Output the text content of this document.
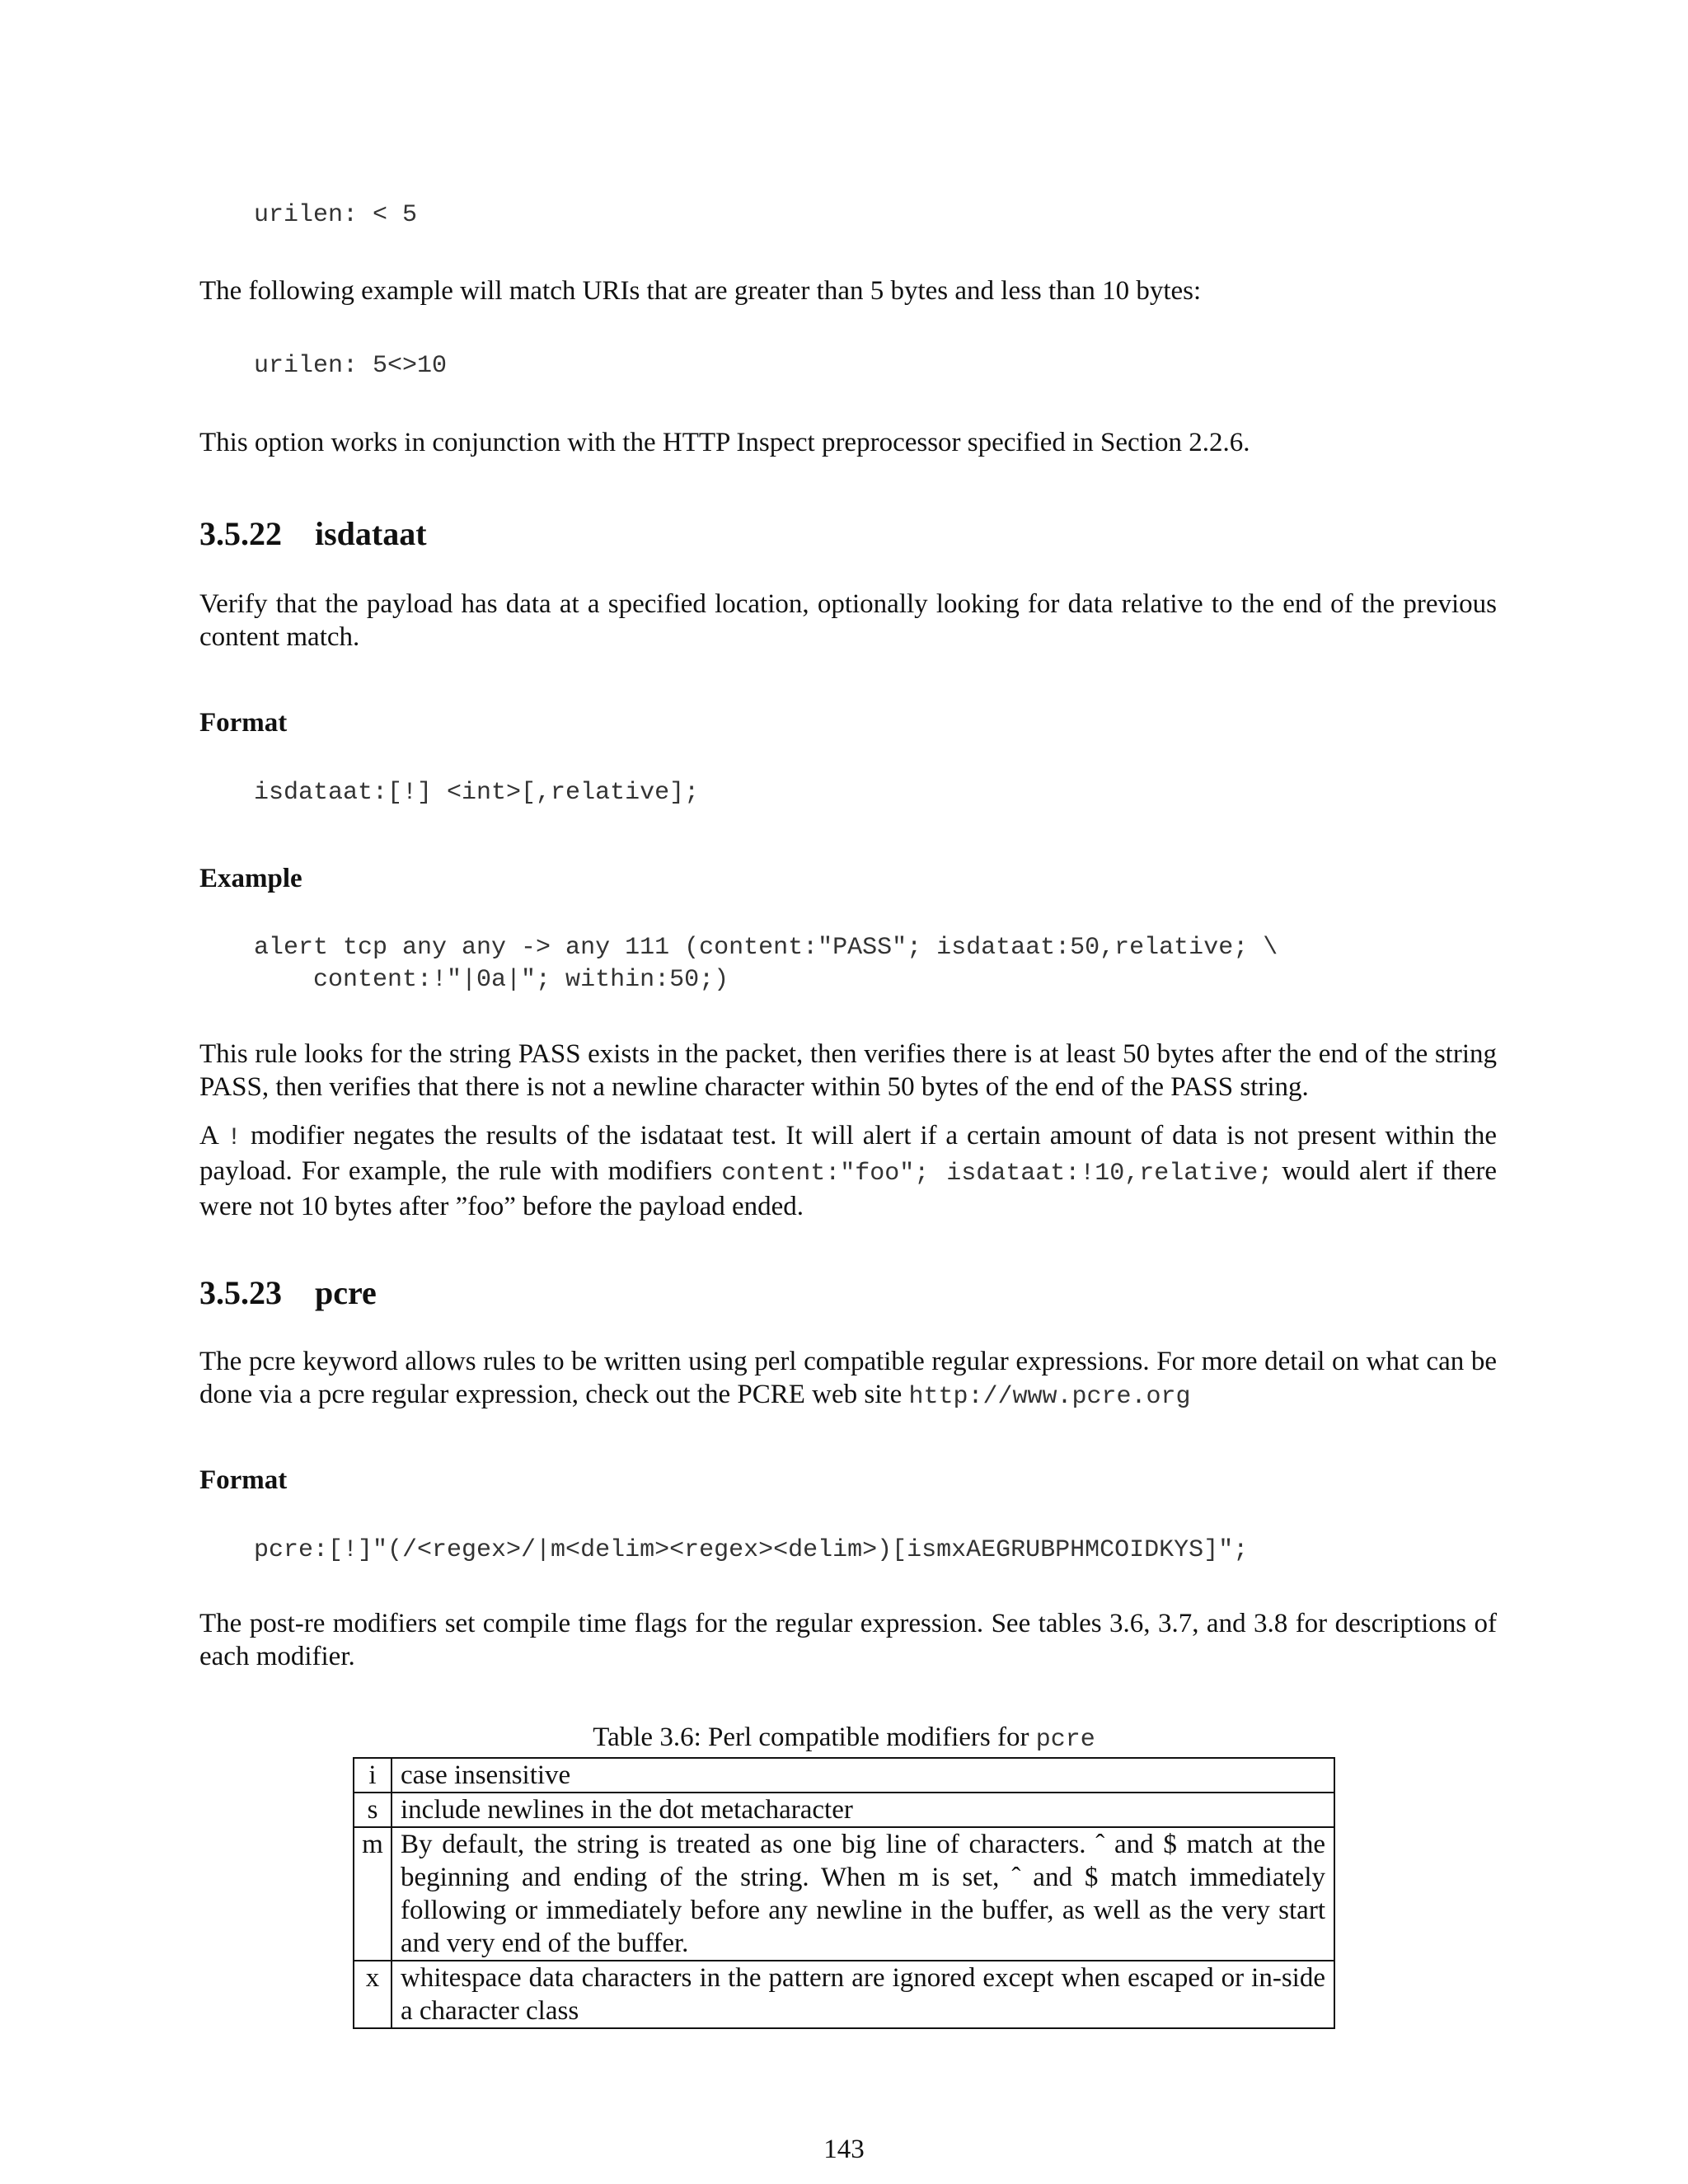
urilen: < 5

The following example will match URIs that are greater than 5 bytes and less than 10 bytes:

urilen: 5<>10

This option works in conjunction with the HTTP Inspect preprocessor specified in Section 2.2.6.

3.5.22 isdataat

Verify that the payload has data at a specified location, optionally looking for data relative to the end of the previous content match.

Format
isdataat:[!] <int>[,relative];
Example
alert tcp any any -> any 111 (content:"PASS"; isdataat:50,relative; \
content:!"|0a|"; within:50;)

This rule looks for the string PASS exists in the packet, then verifies there is at least 50 bytes after the end of the string PASS, then verifies that there is not a newline character within 50 bytes of the end of the PASS string.

A ! modifier negates the results of the isdataat test. It will alert if a certain amount of data is not present within the payload. For example, the rule with modifiers content:"foo"; isdataat:!10,relative; would alert if there were not 10 bytes after ”foo” before the payload ended.

3.5.23 pcre

The pcre keyword allows rules to be written using perl compatible regular expressions. For more detail on what can be done via a pcre regular expression, check out the PCRE web site http://www.pcre.org

Format
pcre:[!]"(/<regex>/|m<delim><regex><delim>)[ismxAEGRUBPHMCOIDKYS]";

The post-re modifiers set compile time flags for the regular expression. See tables 3.6, 3.7, and 3.8 for descriptions of each modifier.

Table 3.6: Perl compatible modifiers for pcre
i	case insensitive
s	include newlines in the dot metacharacter
m	By default, the string is treated as one big line of characters. ˆ and $ match at the beginning and ending of the string. When m is set, ˆ and $ match immediately following or immediately before any newline in the buffer, as well as the very start and very end of the buffer.
x	whitespace data characters in the pattern are ignored except when escaped or in-side a character class
143
